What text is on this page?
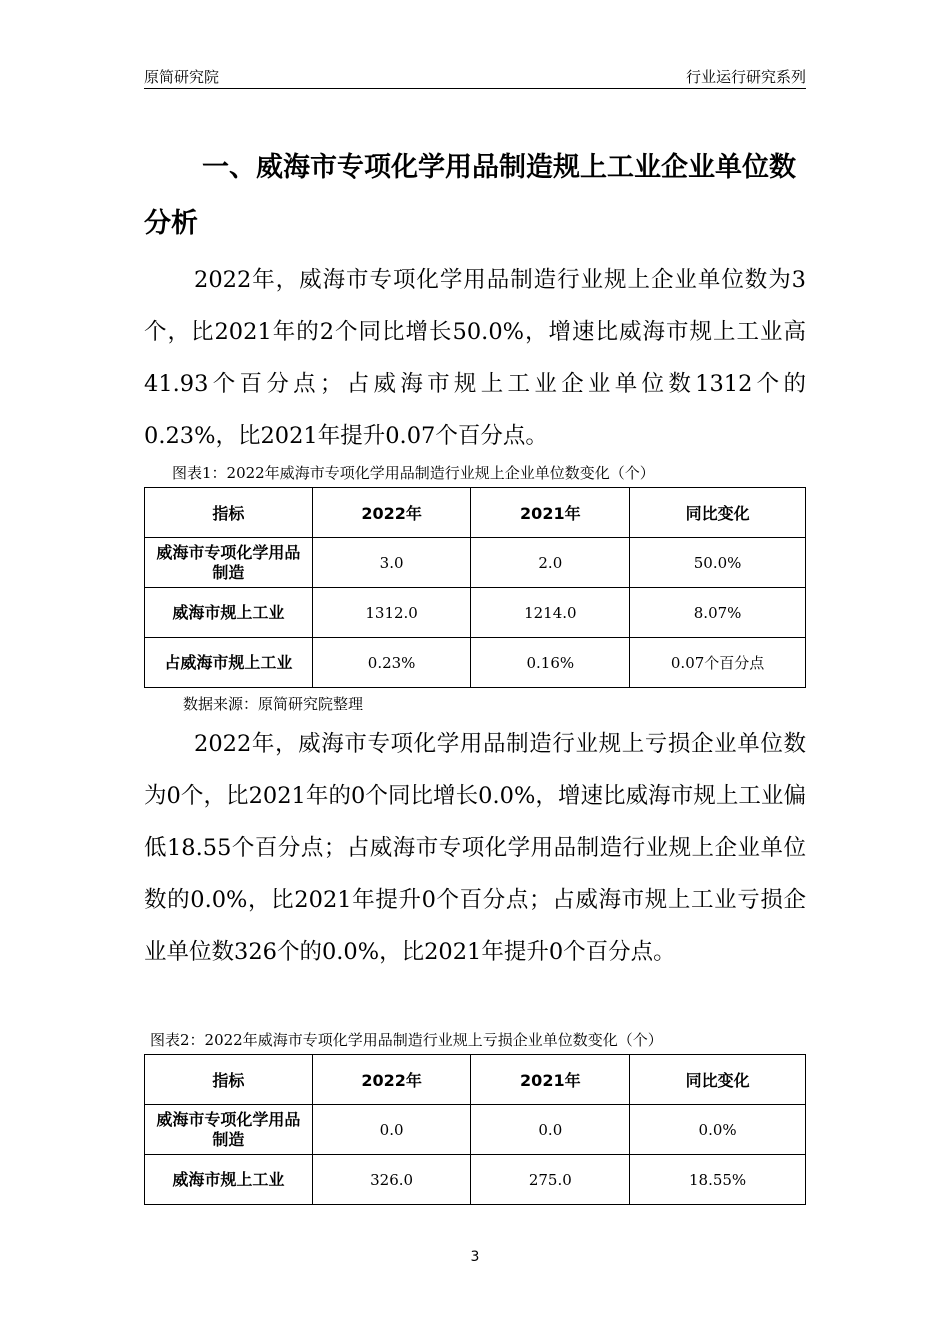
原简研究院	行业运行研究系列
一、威海市专项化学用品制造规上工业企业单位数分析

2022年，威海市专项化学用品制造行业规上企业单位数为3个，比2021年的2个同比增长50.0%，增速比威海市规上工业高41.93个百分点；占威海市规上工业企业单位数1312个的0.23%，比2021年提升0.07个百分点。

图表1：2022年威海市专项化学用品制造行业规上企业单位数变化（个）
指标	2022年	2021年	同比变化
威海市专项化学用品制造	3.0	2.0	50.0%
威海市规上工业	1312.0	1214.0	8.07%
占威海市规上工业	0.23%	0.16%	0.07个百分点
数据来源：原简研究院整理

2022年，威海市专项化学用品制造行业规上亏损企业单位数为0个，比2021年的0个同比增长0.0%，增速比威海市规上工业偏低18.55个百分点；占威海市专项化学用品制造行业规上企业单位数的0.0%，比2021年提升0个百分点；占威海市规上工业亏损企业单位数326个的0.0%，比2021年提升0个百分点。

图表2：2022年威海市专项化学用品制造行业规上亏损企业单位数变化（个）
指标	2022年	2021年	同比变化
威海市专项化学用品制造	0.0	0.0	0.0%
威海市规上工业	326.0	275.0	18.55%
3
